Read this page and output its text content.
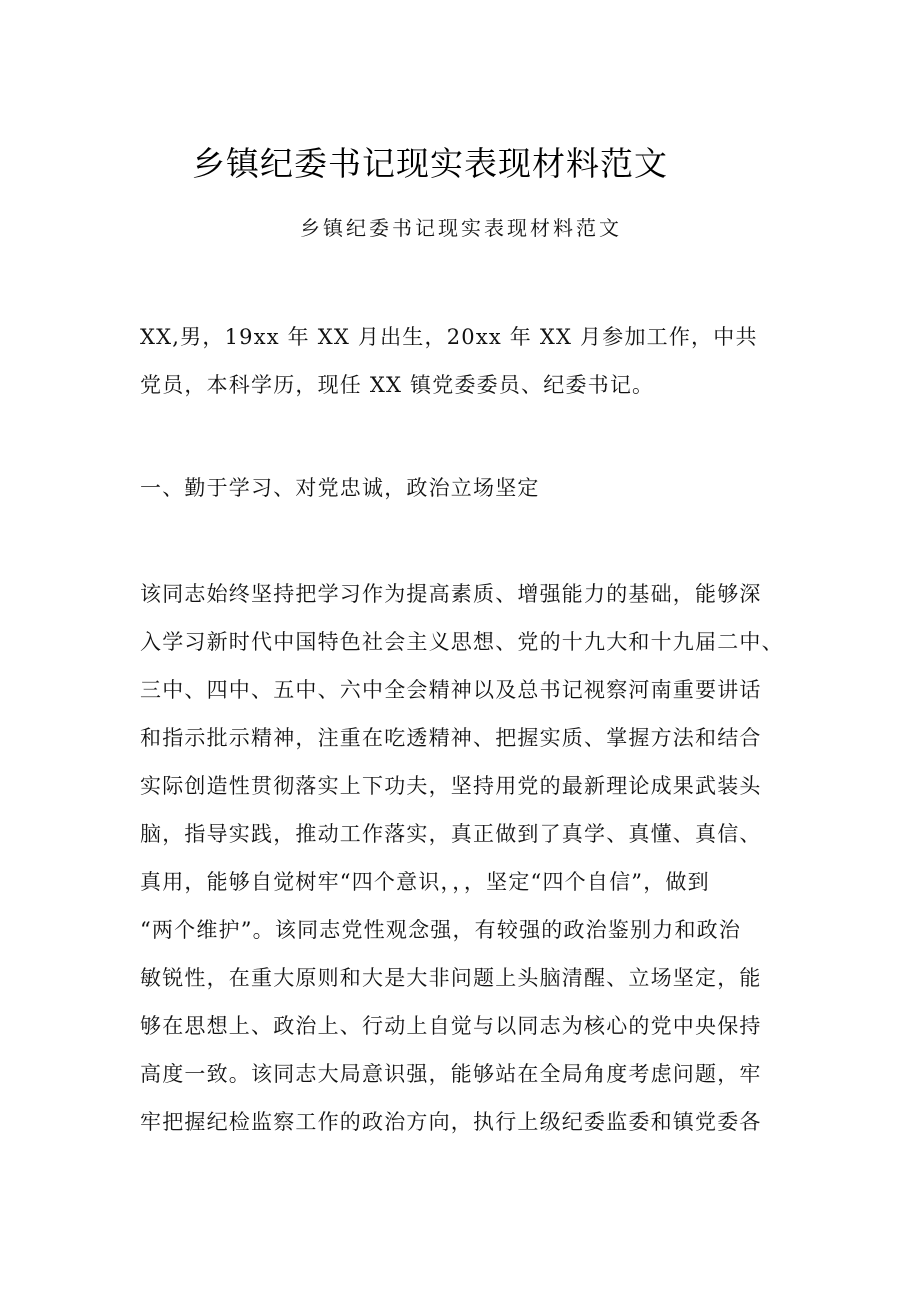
乡镇纪委书记现实表现材料范文

乡镇纪委书记现实表现材料范文

XX,男，19xx 年 XX 月出生，20xx 年 XX 月参加工作，中共
党员，本科学历，现任 XX 镇党委委员、纪委书记。
一、勤于学习、对党忠诚，政治立场坚定
该同志始终坚持把学习作为提高素质、增强能力的基础，能够深
入学习新时代中国特色社会主义思想、党的十九大和十九届二中、
三中、四中、五中、六中全会精神以及总书记视察河南重要讲话
和指示批示精神，注重在吃透精神、把握实质、掌握方法和结合
实际创造性贯彻落实上下功夫，坚持用党的最新理论成果武装头
脑，指导实践，推动工作落实，真正做到了真学、真懂、真信、
真用，能够自觉树牢“四个意识，，，坚定“四个自信”，做到
“两个维护”。该同志党性观念强，有较强的政治鉴别力和政治
敏锐性，在重大原则和大是大非问题上头脑清醒、立场坚定，能
够在思想上、政治上、行动上自觉与以同志为核心的党中央保持
高度一致。该同志大局意识强，能够站在全局角度考虑问题，牢
牢把握纪检监察工作的政治方向，执行上级纪委监委和镇党委各
